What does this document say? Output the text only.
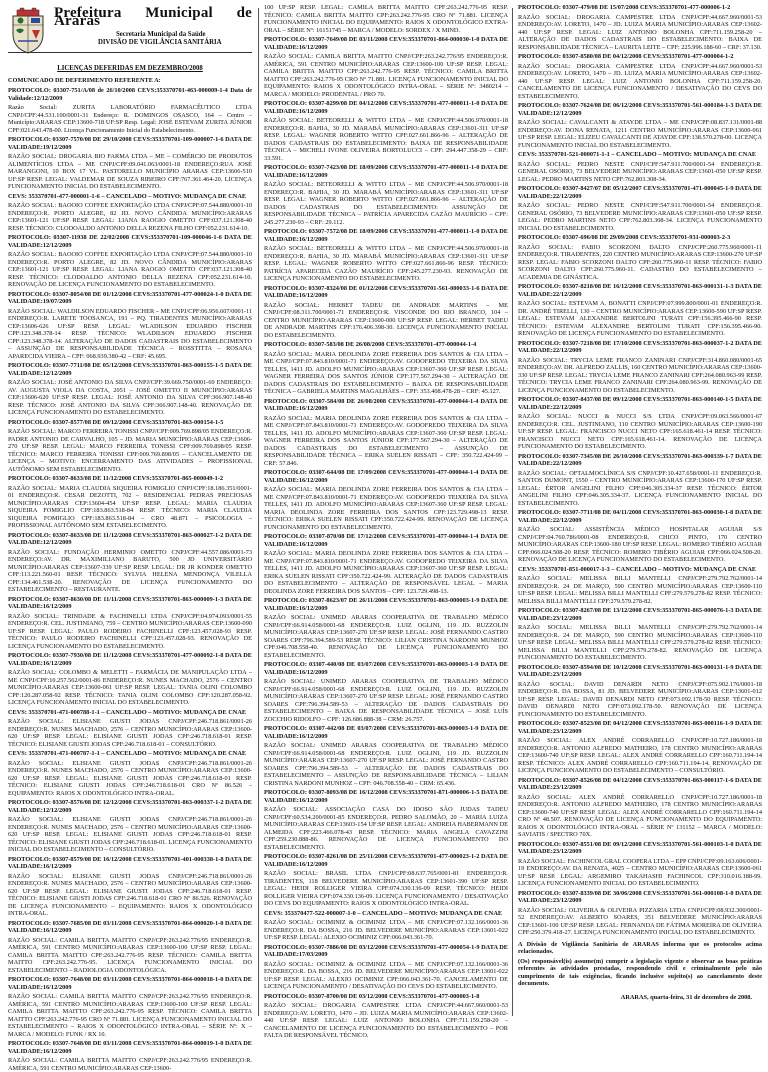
Prefeitura Municipal de Araras
Secretaria Municipal da Saúde
DIVISÃO DE VIGILÂNCIA SANITÁRIA
LICENÇAS DEFERIDAS EM DEZEMBRO/2008
COMUNICADO DE DEFERIMENTO REFERENTE A:

PROTOCOLO: 03307-751/A/08 de 26/10/2008 CEVS:353370701-463-000009-1-4 Data de Validade:12/12/2009

Razão Social: ZURITA LABORATÓRIO FARMACÊUTICO LTDA CNPJ/CPF:44.531.100/0001-31 Endereço: R. DOMINGOS OSASCO, 164 – Centro – Município:ARARAS CEP:13600-718 UF:SP Resp. Legal: JOSÉ ESTEVAM ZURITA JÚNIOR CPF:021.643.478-00. Licença Funcionamento Inicial do Estabelecimento.

PROTOCOLO: 03307-7570/08 DE 29/10/2008 CEVS:353370701-109-000007-1-6 DATA DE VALIDADE:19/12/2009

RAZÃO SOCIAL: DROGARIA BIO FARMA LTDA – ME – COMÉRCIO DE PRODUTOS ALIMENTÍCIOS LTDA – ME CNPJ/CPF:09.041.063/0001-18 ENDEREÇO:RUA JOSÉ MARANGONI, 10 BOX 17 VL. PASTORELLO MUNICÍPIO ARARAS CEP:13606-510 UF:SP RESP. LEGAL: VALDEMAR DE SOUZA RIBEIRO CPF:767.361.464-20. LICENÇA FUNCIONAMENTO INICIAL DO ESTABELECIMENTO.

CEVS: 353370701-477-000001-1-6 – CANCELADO – MOTIVO: MUDANÇA DE CNAE

RAZÃO SOCIAL: BAOOIO COFFEE EXPORTAÇÃO LTDA CNPJ/CPF:07.544.880/0001-10 ENDEREÇO:R. PORTO ALEGRE, 82 JD. NOVO CÂNDIDA MUNICÍPIO:ARARAS CEP:13601-121 UF:SP RESP. LEGAL: LIANA RAOGIO OMETTO CPF:037.121.308-40 RESP. TÉCNICO: CLODOALDO ANTONIO DELLA REZENA FILHO CPF:052.231.614-10.

PROTOCOLO: 03307-11938 DE 22/02/2008 CEVS:353370701-109-000046-1-6 DATA DE VALIDADE:12/12/2009

RAZÃO SOCIAL: BAOOIO COFFEE EXPORTAÇÃO LTDA CNPJ/CPF:07.544.880/0001-10 ENDEREÇO:R. PORTO ALEGRE, 82 JD. NOVO CÂNDIDA MUNICÍPIO:ARARAS CEP:13601-121 UF:SP RESP. LEGAL: LIANA RAOGIO OMETTO CPF:037.121.308-40 RESP. TÉCNICO: CLODOALDO ANTONIO DELLA REZENA CPF:052.231.614-10. RENOVAÇÃO DE LICENÇA FUNCIONAMENTO DO ESTABELECIMENTO.

PROTOCOLO: 03307-8054/08 DE 01/12/2008 CEVS:353370701-477-000024-1-0 DATA DE VALIDADE:19/07/2009

RAZÃO SOCIAL: WALDILSON EDUARDO FISCHER – ME CNPJ/CPF:06.956.607/0001-11 ENDEREÇO:R. LARETE TOOSANCA, 191 – PQ. TIRADENTES MUNICÍPIO:ARARAS CEP:13606-626 UF:SP RESP. LEGAL: WLADILSON EDUARDO FISCHER CPF:123.348.378-14 RESP. TÉCNICO: WLADILSON EDUARDO FISCHER CPF:123.348.378-14. ALTERAÇÃO DE DADOS CADASTRAIS DO ESTABELECIMENTO – ASSUNÇÃO DE RESPONSABILIDADE TÉCNICA – ROSSTITTA – ROSANA APARECIDA VIEIRA – CPF: 068.939.380-42 – CRF: 45.695.

PROTOCOLO: 03307-7711/08 DE 05/12/2008 CEVS:353370701-863-000155-1-5 DATA DE VALIDADE:12/12/2009

RAZÃO SOCIAL: JOSÉ ANTONIO DA SILVA CNPJ/CPF:39.669.750/0001-69 ENDEREÇO: AV. AUGUSTA VIOLA DA COSTA, 2051 – JOSÉ OMETTO II MUNICÍPIO:ARARAS CEP:13606-620 UF:SP RESP. LEGAL: JOSÉ ANTONIO DA SILVA CPF:366.907.148-40 RESP. TÉCNICO: JOSÉ ANTONIO DA SILVA CPF:366.907.148-40. RENOVAÇÃO DE LICENÇA FUNCIONAMENTO DO ESTABELECIMENTO.

PROTOCOLO: 03307-8577/08 DE 09/12/2008 CEVS:353370701-863-000154-1-5

RAZÃO SOCIAL: MARCO FERREIRA TONISSI CNPJ/CPF:009.769.898/05 ENDEREÇO:R. PADRE ANTONIO DE CARVALHO, 105 – JD. MARIA MUNICÍPIO:ARARAS CEP:13606-270 UF:SP RESP. LEGAL: MARCO FERREIRA TONISSI CPF:009.769.898/05 RESP. TÉCNICO: MARCO FERREIRA TONISSI CPF:009.769.898/05 – CANCELAMENTO DE LICENÇA – MOTIVO: ENCERRAMENTO DAS ATIVIDADES – PROFISSIONAL AUTÔNOMO SEM ESTABELECIMENTO.

PROTOCOLO: 03307-8633/08 DE 11/12/2008 CEVS:353370701-865-000049-1-2

RAZÃO SOCIAL: MARIA CLAUDIA SIQUEIRA FOMIGLIO CNPJ/CPF:18.186.351/0001-01 ENDEREÇO:R. CESAR DEZOTTI, 702 – RESIDENCIAL PEDRAS PRECIOSAS MUNICÍPIO:ARARAS CEP:13604-454 UF:SP RESP. LEGAL: MARIA CLAUDIA SIQUEIRA FOMIGLIO CPF:183.863.518-84 RESP. TÉCNICO: MARIA CLAUDIA SIQUEIRA FOMIGLIO CPF:183.863.518-84 – CRO 48.871 – PSICOLOGIA – PROFISSIONAL AUTÔNOMO SEM ESTABELECIMENTO.

PROTOCOLO: 03307-8633/08 DE 11/12/2008 CEVS:353370701-863-000027-1-2 DATA DE VALIDADE:12/12/2009

RAZÃO SOCIAL: FUNDAÇÃO HERMINIO OMETTO CNPJ/CPF:44.557.086/0001-73 ENDEREÇO:AV. DR. MAXIMILIANO BARUTO, 500 JD UNIVERSITÁRIO MUNICÍPIO:ARARAS CEP:13607-339 UF:SP RESP. LEGAL: DR JR KONDER OMETTO CPF:113.221.560-01 RESP. TÉCNICO: SYLVIA HELENA MENDONÇA VILELLA CPF:134.461.538-20. RENOVAÇÃO DE LICENÇA FUNCIONAMENTO DO ESTABELECIMENTO – RESTAURANTE.

PROTOCOLO: 03307-8630/08 DE 11/11/2008 CEVS:353370701-863-000009-1-3 DATA DE VALIDADE:16/12/2009

RAZÃO SOCIAL: TRINDADE & FACHINELLI LTDA CNPJ/CPF:04.974.093/0001-55 ENDEREÇO:R. CEL. JUSTINIANO, 759 – CENTRO MUNICÍPIO:ARARAS CEP:13600-090 UF:SP RESP. LEGAL: PAULO RODEIRO FACHINELLI CPF:123.457.028-93 RESP. TÉCNICO: PAULO RODEIRO FACHINELLI CPF:123.457.028-93. RENOVAÇÃO DE LICENÇA FUNCIONAMENTO DO ESTABELECIMENTO.

PROTOCOLO: 03307-7930/08 DE 11/12/2008 CEVS:353370701-477-000092-1-8 DATA DE VALIDADE:16/12/2009

RAZÃO SOCIAL: COLOMBO & MELETTI – FARMÁCIA DE MANIPULAÇÃO LTDA – ME CNPJ/CPF:10.257.562/0001-86 ENDEREÇO:R. NUNES MACHADO, 2576 – CENTRO MUNICÍPIO:ARARAS CEP:13600-061 UF:SP RESP. LEGAL: TANIA OLINI COLOMBO CPF:120.287.058-92 RESP. TÉCNICO: TANIA OLINI COLOMBO CPF:120.287.058-92. LICENÇA FUNCIONAMENTO INICIAL DO ESTABELECIMENTO.

CEVS: 353370701-471-000788-1-1 – CANCELADO – MOTIVO: MUDANÇA DE CNAE

RAZÃO SOCIAL: ELISIANE GIUSTI JODAS CNPJ/CPF:246.718.861/0001-26 ENDEREÇO:R. NUNES MACHADO, 2576 – CENTRO MUNICÍPIO:ARARAS CEP:13600-620 UF:SP RESP. LEGAL: ELISIANE GIUSTI JODAS CPF:246.718.618-01 RESP. TÉCNICO: ELISIANE GIUSTI JODAS CPF:246.718.618-01 – CONSULTÓRIO.

CEVS: 353370701-471-000787-1-1 – CANCELADO – MOTIVO: MUDANÇA DE CNAE

RAZÃO SOCIAL: ELISIANE GIUSTI JODAS CNPJ/CPF:246.718.861/0001-26 ENDEREÇO:R. NUNES MACHADO, 2576 – CENTRO MUNICÍPIO:ARARAS CEP:13600-620 UF:SP RESP. LEGAL: ELISIANE GIUSTI JODAS CPF:246.718.618-01 RESP. TÉCNICO: ELISIANE GIUSTI JODAS CPF:246.718.618-01 CRO Nº 86.526 – EQUIPAMENTO: RAIOS X ODONTOLÓGICO INTRA-ORAL.

PROTOCOLO: 03307-8576/08 DE 12/12/2008 CEVS:353370701-863-000337-1-2 DATA DE VALIDADE:12/12/2009

RAZÃO SOCIAL: ELISIANE GIUSTI JODAS CNPJ/CPF:246.718.861/0001-26 ENDEREÇO:R. NUNES MACHADO, 2576 – CENTRO MUNICÍPIO:ARARAS CEP:13600-620 UF:SP RESP. LEGAL: ELISIANE GIUSTI JODAS CPF:246.718.618-01 RESP. TÉCNICO: ELISIANE GIUSTI JODAS CPF:246.718.618-01. LICENÇA FUNCIONAMENTO INICIAL DO ESTABELECIMENTO – CONSULTÓRIO.

PROTOCOLO: 03307-8579/08 DE 16/12/2008 CEVS:353370701-401-000338-1-8 DATA DE VALIDADE:16/12/2009

RAZÃO SOCIAL: ELISIANE GIUSTI JODAS CNPJ/CPF:246.718.861/0001-26 ENDEREÇO:R. NUNES MACHADO, 2576 – CENTRO MUNICÍPIO:ARARAS CEP:13600-620 UF:SP RESP. LEGAL: ELISIANE GIUSTI JODAS CPF:246.718.618-01 RESP. TÉCNICO: ELISIANE GIUSTI JODAS CPF:246.718.618-01 CRO Nº 86.526. RENOVAÇÃO DE LICENÇA FUNCIONAMENTO – EQUIPAMENTO: RAIOS X ODONTOLÓGICO INTRA-ORAL.

PROTOCOLO: 03307-7685/08 DE 03/11/2008 CEVS:353370701-864-000020-1-0 DATA DE VALIDADE:16/12/2009

RAZÃO SOCIAL: CAMILA BRITTA MAITTO CNPJ/CPF:263.242.776/95 ENDEREÇO:R. AMÉRICA, 591 CENTRO MUNICÍPIO:ARARAS CEP:13600-100 UF:SP RESP. LEGAL: CAMILA BRITTA MAITTO CPF:263.242.776-95 RESP. TÉCNICO: CAMILA BRITTA MAITTO CPF:263.242.776-95. LICENÇA FUNCIONAMENTO INICIAL DO ESTABELECIMENTO – RADIOLOGIA ODONTOLÓGICA.

PROTOCOLO: 03307-7648/08 DE 03/11/2008 CEVS:353370701-864-000018-1-0 DATA DE VALIDADE:16/12/2009

RAZÃO SOCIAL: CAMILA BRITTA MAITTO CNPJ/CPF:263.242.776/95 ENDEREÇO:R. AMÉRICA, 591 CENTRO MUNICÍPIO:ARARAS CEP:13600-100 UF:SP RESP. LEGAL: CAMILA BRITTA MAITTO CPF:263.242.776-95 RESP. TÉCNICO: CAMILA BRITTA MAITTO CPF:263.242.776-95 CRO Nº 71.881. LICENÇA FUNCIONAMENTO INICIAL DO ESTABELECIMENTO – RAIOS X ODONTOLÓGICO INTRA-ORAL – SÉRIE Nº: X – MARCA / MODELO: FUNK / RX 10.

PROTOCOLO: 03307-7648/08 DE 03/11/2008 CEVS:353370701-864-000019-1-0 DATA DE VALIDADE:16/12/2009

RAZÃO SOCIAL: CAMILA BRITTA MAITTO CNPJ/CPF:263.242.776/95 ENDEREÇO:R. AMÉRICA, 591 CENTRO MUNICÍPIO:ARARAS CEP:13600-

100 UF:SP RESP. LEGAL: CAMILA BRITTA MAITTO CPF:263.242.776-95 RESP. TÉCNICO: CAMILA BRITTA MAITTO CPF:263.242.776-95 CRO Nº 71.881. LICENÇA FUNCIONAMENTO INICIAL DO EQUIPAMENTO: RAIOS X ODONTOLÓGICO EXTRA-ORAL – SÉRIE Nº: 16151745 – MARCA / MODELO: SORDEX / X MIND.

PROTOCOLO: 03307-7649/08 DE 03/11/2008 CEVS:353370701-864-000030-1-0 DATA DE VALIDADE:16/12/2009

RAZÃO SOCIAL: CAMILA BRITTA MAITTO CNPJ/CPF:263.242.776/95 ENDEREÇO:R. AMÉRICA, 591 CENTRO MUNICÍPIO:ARARAS CEP:13600-100 UF:SP RESP. LEGAL: CAMILA BRITTA MAITTO CPF:263.242.776-95 RESP. TÉCNICO: CAMILA BRITTA MAITTO CPF:263.242.776-95 CRO Nº 71.881. LICENÇA FUNCIONAMENTO INICIAL DO EQUIPAMENTO: RAIOS X ODONTOLÓGICO INTRA-ORAL – SÉRIE Nº: 3480214 – MARCA / MODELO: PRODENTAL / PRO 70.

PROTOCOLO: 03307-8299/08 DE 04/12/2008 CEVS:353370701-477-000011-1-0 DATA DE VALIDADE:16/12/2009

RAZÃO SOCIAL: BETEORELLI & WITTO LTDA – ME CNPJ/CPF:44.506.970/0001-18 ENDEREÇO:R. BAHIA, 30 JD. MARABÁ MUNICÍPIO:ARARAS CEP:13601-311 UF:SP RESP. LEGAL: WAGNER ROBERTO WITTO CPF:027.661.866-96 – ALTERAÇÃO DE DADOS CADASTRAIS DO ESTABELECIMENTO: BAIXA DE RESPONSABILIDADE TÉCNICA – MICHELI IVONE OLIVEIRA BORTOLUCCI – CPF: 294.447.358-29 – CRF: 33.591.

PROTOCOLO: 03307-7423/08 DE 18/09/2008 CEVS:353370701-477-000011-1-0 DATA DE VALIDADE:16/12/2009

RAZÃO SOCIAL: BETEORELLI & WITTO LTDA – ME CNPJ/CPF:44.506.970/0001-18 ENDEREÇO:R. BAHIA, 30 JD. MARABÁ MUNICÍPIO:ARARAS CEP:13601-311 UF:SP RESP. LEGAL: WAGNER ROBERTO WITTO CPF:027.661.866-96 – ALTERAÇÃO DE DADOS CADASTRAIS DO ESTABELECIMENTO: ASSUNÇÃO DE RESPONSABILIDADE TÉCNICA – PATRÍCIA APARECIDA CAZÃO MAURÍCIO – CPF: 245.277.230-93 – CRF: 29.112.

PROTOCOLO: 03307-7572/08 DE 18/09/2008 CEVS:353370701-477-000011-1-0 DATA DE VALIDADE:16/12/2009

RAZÃO SOCIAL: BETEORELLI & WITTO LTDA – ME CNPJ/CPF:44.506.970/0001-18 ENDEREÇO:R. BAHIA, 30 JD. MARABÁ MUNICÍPIO:ARARAS CEP:13601-311 UF:SP RESP. LEGAL: WAGNER ROBERTO WITTO CPF:027.661.866-96 RESP. TÉCNICO: PATRÍCIA APARECIDA CAZÃO MAURÍCIO CPF:245.277.230-93. RENOVAÇÃO DE LICENÇA FUNCIONAMENTO DO ESTABELECIMENTO.

PROTOCOLO: 03307-8324/08 DE 01/12/2008 CEVS:353370701-561-000033-1-6 DATA DE VALIDADE:16/12/2009

RAZÃO SOCIAL: HERBET TADEU DE ANDRADE MARTINS – ME CNPJ/CPF:08.311.700/0001-71 ENDEREÇO:R. VISCONDE DO RIO BRANCO, 104 – CENTRO MUNICÍPIO:ARARAS CEP:13600-000 UF:SP RESP. LEGAL: HERBET TADEU DE ANDRADE MARTINS CPF:176.406.398-30. LICENÇA FUNCIONAMENTO INICIAL DO ESTABELECIMENTO.

PROTOCOLO: 03307-583/08 DE 26/08/2008 CEVS:353370701-477-000044-1-4

RAZÃO SOCIAL: MARIA DEOLINDA ZORE FERREIRA DOS SANTOS & CIA LTDA – ME CNPJ/CPF:07.843.810/0001-71 ENDEREÇO:AV. GODOFREDO TEIXEIRA DA SILVA TELLES, 1411 JD. ADOLFO MUNICÍPIO:ARARAS CEP:13607-360 UF:SP RESP. LEGAL: WAGNER FERREIRA DOS SANTOS JÚNIOR CPF:177.567.294-30 – ALTERAÇÃO DE DADOS CADASTRAIS DO ESTABELECIMENTO – BAIXA DE RESPONSABILIDADE TÉCNICA – GABRIELA MARTINS MAGALHÃES – CPF: 353.408.478-28 – CRF: 45.127.

PROTOCOLO: 03307-584/08 DE 26/08/2008 CEVS:353370701-477-000044-1-4 DATA DE VALIDADE:16/12/2009

RAZÃO SOCIAL: MARIA DEOLINDA ZORE FERREIRA DOS SANTOS & CIA LTDA – ME CNPJ/CPF:07.843.810/0001-71 ENDEREÇO:AV. GODOFREDO TEIXEIRA DA SILVA TELLES, 1411 JD. ADOLFO MUNICÍPIO:ARARAS CEP:13607-360 UF:SP RESP. LEGAL: WAGNER FERREIRA DOS SANTOS JÚNIOR CPF:177.567.294-30 – ALTERAÇÃO DE DADOS CADASTRAIS DO ESTABELECIMENTO – ASSUNÇÃO DE RESPONSABILIDADE TÉCNICA – ERIKA SUELEN RISSATI – CPF: 350.722.424-99 – CRF: 57.846.

PROTOCOLO: 03307-644/08 DE 17/09/2008 CEVS:353370701-477-000044-1-4 DATA DE VALIDADE:16/12/2009

RAZÃO SOCIAL: MARIA DEOLINDA ZORE FERREIRA DOS SANTOS & CIA LTDA – ME CNPJ/CPF:07.843.810/0001-71 ENDEREÇO:AV. GODOFREDO TEIXEIRA DA SILVA TELLES, 1411 JD. ADOLFO MUNICÍPIO:ARARAS CEP:13607-360 UF:SP RESP. LEGAL: MARIA DEOLINDA ZORE FERREIRA DOS SANTOS CPF:123.729.498-13 RESP. TÉCNICO: ERIKA SUELEN RISSATI CPF:350.722.424-99. RENOVAÇÃO DE LICENÇA FUNCIONAMENTO DO ESTABELECIMENTO.

PROTOCOLO: 03307-870/08 DE 17/12/2008 CEVS:353370701-477-000044-1-4 DATA DE VALIDADE:16/12/2009

RAZÃO SOCIAL: MARIA DEOLINDA ZORE FERREIRA DOS SANTOS & CIA LTDA – ME CNPJ/CPF:07.843.810/0001-71 ENDEREÇO:AV. GODOFREDO TEIXEIRA DA SILVA TELLES, 1411 JD. ADOLFO MUNICÍPIO:ARARAS CEP:13607-360 UF:SP RESP. LEGAL: ERIKA SUELEN RISSATI CPF:350.722.424-99. ALTERAÇÃO DE DADOS CADASTRAIS DO ESTABELECIMENTO – ALTERAÇÃO DE RESPONSÁVEL LEGAL – MARIA DEOLINDA ZORE FERREIRA DOS SANTOS – CPF: 123.729.498-13.

PROTOCOLO: 03307-8623/07 DE 26/11/2008 CEVS:353370701-863-000003-1-9 DATA DE VALIDADE:16/12/2009

RAZÃO SOCIAL: UNIMED ARARAS COOPERATIVA DE TRABALHO MÉDICO CNPJ/CPF:66.914.058/0001-68 ENDEREÇO:R. LUIZ OGLINI, 119 JD. RUZZOLIN MUNICÍPIO:ARARAS CEP:13607-270 UF:SP RESP. LEGAL: JOSÉ FERNANDO CASTRO SOARES CPF:796.394.589-53 RESP. TÉCNICO: LILIAN CRISTINA NARDONI MUNHOZ CPF:046.708.558-40. RENOVAÇÃO DE LICENÇA FUNCIONAMENTO DO ESTABELECIMENTO.

PROTOCOLO: 03307-440/08 DE 03/07/2008 CEVS:353370701-863-000003-1-9 DATA DE VALIDADE:16/12/2009

RAZÃO SOCIAL: UNIMED ARARAS COOPERATIVA DE TRABALHO MÉDICO CNPJ/CPF:66.914.058/0001-68 ENDEREÇO:R. LUIZ OGLINI, 119 JD. RUZZOLIN MUNICÍPIO:ARARAS CEP:13607-270 UF:SP RESP. LEGAL: JOSÉ FERNANDO CASTRO SOARES CPF:796.394.589-53 – ALTERAÇÃO DE DADOS CADASTRAIS DO ESTABELECIMENTO – BAIXA DE RESPONSABILIDADE TÉCNICA – JOSÉ LUÍS ZOCCHIO RIDOLFO – CPF: 126.686.888-38 – CRM: 26.757.

PROTOCOLO: 03307-442/08 DE 03/07/2008 CEVS:353370701-863-000003-1-9 DATA DE VALIDADE:16/12/2009

RAZÃO SOCIAL: UNIMED ARARAS COOPERATIVA DE TRABALHO MÉDICO CNPJ/CPF:66.914.058/0001-68 ENDEREÇO:R. LUIZ OGLINI, 119 JD. RUZZOLIN MUNICÍPIO:ARARAS CEP:13607-270 UF:SP RESP. LEGAL: JOSÉ FERNANDO CASTRO SOARES CPF:796.394.589-53 – ALTERAÇÃO DE DADOS CADASTRAIS DO ESTABELECIMENTO – ASSUNÇÃO DE RESPONSABILIDADE TÉCNICA – LILIAN CRISTINA NARDONI MUNHOZ – CPF: 046.708.558-40 – CRM: 65.436.

PROTOCOLO: 03307-8093/08 DE 16/12/2008 CEVS:353370701-871-000006-1-5 DATA DE VALIDADE:16/12/2009

RAZÃO SOCIAL: ASSOCIAÇÃO CASA DO IDOSO SÃO JUDAS TADEU CNPJ/CPF:60.534.200/0001-85 ENDEREÇO:R. PEDRO SALOMÃO, 20 – MARIA LUIZA MUNICÍPIO:ARARAS CEP:13603-154 UF:SP RESP. LEGAL: ANDREIA HABERMANN DE ALMEIDA CPF:223.466.078-43 RESP. TÉCNICO: MARIA ANGELA CAVAZZINI CPF:259.230.888-86. RENOVAÇÃO DE LICENÇA FUNCIONAMENTO DO ESTABELECIMENTO.

PROTOCOLO: 03307-8261/08 DE 25/11/2008 CEVS:353370701-477-000023-1-2 DATA DE VALIDADE:16/12/2009

RAZÃO SOCIAL: BRASIL LTDA CNPJ/CPF:08.637.765/0001-81 ENDEREÇO:R. TIRADENTES, 118 BELVEDERE MUNICÍPIO:ARARAS CEP:13601-390 UF:SP RESP. LEGAL: HEIDI ROLLIGER VIEIRA CPF:074.330.136-09 RESP. TÉCNICO: HEIDI ROLLIGER VIEIRA CPF:074.330.136-09. LICENÇA FUNCIONAMENTO / DESATIVAÇÃO DO CEVS DO EQUIPAMENTO: RAIOS X ODONTOLÓGICO INTRA-ORAL.

CEVS: 353370477-522-000007-1-0 – CANCELADO – MOTIVO: MUDANÇA DE CNAE

RAZÃO SOCIAL: OCIMINIZ & OCIMINIZ LTDA – ME CNPJ/CPF:07.132.166/0001-36 ENDEREÇO:R. DA BOSSA, 216 JD. BELVEDERE MUNICÍPIO:ARARAS CEP:13601-022 UF:SP RESP. LEGAL: ALEXIO OCIMINIZ CPF:066.043.361-70.

PROTOCOLO: 03307-7886/08 DE 03/12/2008 CEVS:353370701-477-000054-1-9 DATA DE VALIDADE:17/03/2009

RAZÃO SOCIAL: OCIMINIZ & OCIMINIZ LTDA – ME CNPJ/CPF:07.132.166/0001-36 ENDEREÇO:R. DA BOSSA, 216 JD. BELVEDERE MUNICÍPIO:ARARAS CEP:13601-022 UF:SP RESP. LEGAL: ALEXIO OCIMINIZ CPF:066.043.361-70. CANCELAMENTO DE LICENÇA FUNCIONAMENTO / DESATIVAÇÃO DO CEVS DO ESTABELECIMENTO.

PROTOCOLO: 03307-8700/08 DE 03/12/2008 CEVS:353370701-477-000003-1-8

RAZÃO SOCIAL: DROGARIA CAMPESTRE LTDA CNPJ/CPF:44.667.960/0001-53 ENDEREÇO:AV. LORETO, 1470 – JD. LUIZA MARIA MUNICÍPIO:ARARAS CEP:13602-440 UF:SP RESP. LEGAL: LUIZ ANTONIO BOLONHA CPF:711.159.258-20 – CANCELAMENTO DE LICENÇA FUNCIONAMENTO DO ESTABELECIMENTO – POR FALTA DE RESPONSÁVEL TÉCNICO.

PROTOCOLO: 03307-479/08 DE 15/07/2008 CEVS:353370701-477-000006-1-2

RAZÃO SOCIAL: DROGARIA CAMPESTRE LTDA CNPJ/CPF:44.667.960/0001-53 ENDEREÇO:AV. LORETO, 1470 – JD. LUIZA MARIA MUNICÍPIO:ARARAS CEP:13602-440 UF:SP RESP. LEGAL: LUIZ ANTONIO BOLONHA CPF:711.159.258-20 – ALTERAÇÃO DE DADOS CADASTRAIS DO ESTABELECIMENTO: BAIXA DE RESPONSABILIDADE TÉCNICA – LAURITA LEITE – CPF: 225.996.188-60 – CRF: 37.130.

PROTOCOLO: 03307-8580/08 DE 04/12/2008 CEVS:353370701-477-000004-1-2

RAZÃO SOCIAL: DROGARIA CAMPESTRE LTDA CNPJ/CPF:44.667.960/0001-53 ENDEREÇO:AV. LORETO, 1470 – JD. LUIZA MARIA MUNICÍPIO:ARARAS CEP:13602-440 UF:SP RESP. LEGAL: LUIZ ANTONIO BOLONHA CPF:711.159.258-20. CANCELAMENTO DE LICENÇA FUNCIONAMENTO / DESATIVAÇÃO DO CEVS DO ESTABELECIMENTO.

PROTOCOLO: 03307-7624/08 DE 06/12/2008 CEVS:353370701-561-000184-1-3 DATA DE VALIDADE:12/12/2009

RAZÃO SOCIAL: CAVALCANTI & ATAYDE LTDA – ME CNPJ/CPF:08.837.131/0001-88 ENDEREÇO:AV. DONA RENATA, 1211 CENTRO MUNICÍPIO:ARARAS CEP:13600-061 UF:SP RESP. LEGAL: ELIZEU CAVALCANTI DE ATAYDE CPF:138.570.278-00. LICENÇA FUNCIONAMENTO INICIAL DO ESTABELECIMENTO.

CEVS: 353370701-521-000071-1-1 – CANCELADO – MOTIVO: MUDANÇA DE CNAE

RAZÃO SOCIAL: PEDRO NESTE CNPJ/CPF:547.911.700/0001-54 ENDEREÇO:R. GENERAL OSÓRIO, 73 BELVEDERE MUNICÍPIO:ARARAS CEP:13601-050 UF:SP RESP. LEGAL: PEDRO MARTINS NETO CPF:762.803.308-34.

PROTOCOLO: 03307-8427/07 DE 05/12/2007 CEVS:353370701-471-000045-1-9 DATA DE VALIDADE:22/12/2009

RAZÃO SOCIAL: PEDRO NESTE CNPJ/CPF:547.911.700/0001-54 ENDEREÇO:R. GENERAL OSÓRIO, 73 BELVEDERE MUNICÍPIO:ARARAS CEP:13601-050 UF:SP RESP. LEGAL: PEDRO MARTINS NETO CPF:762.803.308-34. LICENÇA FUNCIONAMENTO INICIAL DO ESTABELECIMENTO.

PROTOCOLO: 03307-696/08 DE 29/09/2008 CEVS:353370701-931-000003-2-3

RAZÃO SOCIAL: FABIO SCORZONI DALTO CNPJ/CPF:260.775.960/0001-11 ENDEREÇO:R. TIRADENTES, 220 CENTRO MUNICÍPIO:ARARAS CEP:13600-270 UF:SP RESP. LEGAL: FABIO SCORZONI DALTO CPF:260.775.960-11 RESP. TÉCNICO: FABIO SCORZONI DALTO CPF:260.775.960-11. CADASTRO DO ESTABELECIMENTO – ACADEMIA DE GINÁSTICA.

PROTOCOLO: 03307-8218/08 DE 16/12/2008 CEVS:353370701-863-000131-1-3 DATA DE VALIDADE:22/12/2009

RAZÃO SOCIAL: ESTEVAM A. BONATTI CNPJ/CPF:07.999.800/0001-01 ENDEREÇO:R. DR. ANDRÉ TIRELLI, 130 – CENTRO MUNICÍPIO:ARARAS CEP:13600-590 UF:SP RESP. LEGAL: ESTEVAM ALEXANDRE BERTOLINI TURATI CPF:156.395.466-90 RESP. TÉCNICO: ESTEVAM ALEXANDRE BERTOLINI TURATI CPF:156.395.466-90. RENOVAÇÃO DE LICENÇA FUNCIONAMENTO DO ESTABELECIMENTO.

PROTOCOLO: 03307-7218/08 DE 17/10/2008 CEVS:353370701-863-000037-1-2 DATA DE VALIDADE:22/12/2009

RAZÃO SOCIAL: TRYCIA LEME FRANCO ZANINARI CNPJ/CPF:314.860.080/0001-65 ENDEREÇO:AV. DR. ALFREDO ZALLIS, 160 CENTRO MUNICÍPIO:ARARAS CEP:13600-330 UF:SP RESP. LEGAL: TRYCIA LEME FRANCO ZANINARI CPF:264.080.963-99 RESP. TÉCNICO: TRYCIA LEME FRANCO ZANINARI CPF:264.080.963-99. RENOVAÇÃO DE LICENÇA FUNCIONAMENTO DO ESTABELECIMENTO.

PROTOCOLO: 03307-8437/08 DE 09/12/2008 CEVS:353370701-863-000140-1-5 DATA DE VALIDADE:22/12/2009

RAZÃO SOCIAL: NUCCI & NUCCI S/S LTDA CNPJ/CPF:09.063.566/0001-67 ENDEREÇO:R. CEL. JUSTINIANO, 110 CENTRO MUNICÍPIO:ARARAS CEP:13600-190 UF:SP RESP. LEGAL: FRANCISCO NUCCI NETO CPF:165.618.461-14 RESP. TÉCNICO: FRANCISCO NUCCI NETO CPF:165.618.461-14. RENOVAÇÃO DE LICENÇA FUNCIONAMENTO DO ESTABELECIMENTO.

PROTOCOLO: 03307-7345/08 DE 26/10/2008 CEVS:353370701-863-000339-1-7 DATA DE VALIDADE:22/12/2009

RAZÃO SOCIAL: OFTALMOCLÍNICA S/S CNPJ/CPF:10.427.658/0001-11 ENDEREÇO:R. SANTOS DUMONT, 1550 – CENTRO MUNICÍPIO:ARARAS CEP:13600-170 UF:SP RESP. LEGAL: ÉRTOR ANGELINI FILHO CPF:046.305.334-37 RESP. TÉCNICO: ÉRTOR ANGELINI FILHO CPF:046.305.334-37. LICENÇA FUNCIONAMENTO INICIAL DO ESTABELECIMENTO.

PROTOCOLO: 03307-7711/08 DE 04/11/2008 CEVS:353370701-863-000030-1-8 DATA DE VALIDADE:22/12/2009

RAZÃO SOCIAL: ASSISTÊNCIA MÉDICO HOSPITALAR AGUIAR S/S CNPJ/CPF:04.760.786/0001-08 ENDEREÇO:R. CHICO PINTO, 170 CENTRO MUNICÍPIO:ARARAS CEP:13600-180 UF:SP RESP. LEGAL: ROMERO TIBÉRIO AGUIAR CPF:066.024.508-20 RESP. TÉCNICO: ROMERO TIBÉRIO AGUIAR CPF:066.024.508-20. RENOVAÇÃO DE LICENÇA FUNCIONAMENTO DO ESTABELECIMENTO.

CEVS: 353370701-851-000017-1-3 – CANCELADO – MOTIVO: MUDANÇA DE CNAE

RAZÃO SOCIAL: MELISSA BILLI MANTELLI CNPJ/CPF:279.792.762/0001-14 ENDEREÇO:R. 24 DE MARÇO, 590 CENTRO MUNICÍPIO:ARARAS CEP:13600-110 UF:SP RESP. LEGAL: MELISSA BILLI MANTELLI CPF:279.579.278-82 RESP. TÉCNICO: MELISSA BILLI MANTELLI CPF:279.579.278-82.

PROTOCOLO: 03307-8267/08 DE 13/12/2008 CEVS:353370701-865-000076-1-3 DATA DE VALIDADE:23/12/2009

RAZÃO SOCIAL: MELISSA BILLI MANTELLI CNPJ/CPF:279.792.762/0001-14 ENDEREÇO:R. 24 DE MARÇO, 590 CENTRO MUNICÍPIO:ARARAS CEP:13600-110 UF:SP RESP. LEGAL: MELISSA BILLI MANTELLI CPF:279.579.278-82 RESP. TÉCNICO: MELISSA BILLI MANTELLI CPF:279.579.278-82. RENOVAÇÃO DE LICENÇA FUNCIONAMENTO DO ESTABELECIMENTO.

PROTOCOLO: 03307-8594/08 DE 10/12/2008 CEVS:353370701-863-000131-1-9 DATA DE VALIDADE:23/12/2009

RAZÃO SOCIAL: DAVID DENARDI NETO CNPJ/CPF:075.902.176/0001-18 ENDEREÇO:R. DA BOSSA, 81 JD. BELVEDERE MUNICÍPIO:ARARAS CEP:13601-012 UF:SP RESP. LEGAL: DAVID DENARDI NETO CPF:073.092.178-50 RESP. TÉCNICO: DAVID DENARDI NETO CPF:073.092.178-50. RENOVAÇÃO DE LICENÇA FUNCIONAMENTO DO ESTABELECIMENTO.

PROTOCOLO: 03307-8523/08 DE 04/12/2008 CEVS:353370701-863-000116-1-9 DATA DE VALIDADE:23/12/2009

RAZÃO SOCIAL: ALEX ANDRÉ CORRARELLO CNPJ/CPF:10.727.186/0001-18 ENDEREÇO:R. ANTONIO ALFREDO MATHEIRO, 178 CENTRO MUNICÍPIO:ARARAS CEP:13600-740 UF:SP RESP. LEGAL: ALEX ANDRÉ CORRARELLO CPF:160.711.194-14 RESP. TÉCNICO: ALEX ANDRÉ CORRARELLO CPF:160.711.194-14. RENOVAÇÃO DE LICENÇA FUNCIONAMENTO DO ESTABELECIMENTO – CONSULTÓRIO.

PROTOCOLO: 03307-8526/08 DE 04/12/2008 CEVS:353370701-863-000117-1-6 DATA DE VALIDADE:23/12/2009

RAZÃO SOCIAL: ALEX ANDRÉ CORRARELLO CNPJ/CPF:10.727.186/0001-18 ENDEREÇO:R. ANTONIO ALFREDO MATHEIRO, 178 CENTRO MUNICÍPIO:ARARAS CEP:13600-740 UF:SP RESP. LEGAL: ALEX ANDRÉ CORRARELLO CPF:160.711.194-14 CRO Nº 48.507. RENOVAÇÃO DE LICENÇA FUNCIONAMENTO DO EQUIPAMENTO: RAIOS X ODONTOLÓGICO INTRA-ORAL – SÉRIE Nº 131152 – MARCA / MODELO: SAVIATIS / SPECTRO 70X.

PROTOCOLO: 03307-8551/08 DE 09/12/2008 CEVS:353370701-561-000103-1-0 DATA DE VALIDADE:23/12/2009

RAZÃO SOCIAL: FACHINCOL GRAL COOPERA LTDA – EPP CNPJ/CPF:09.163.606/0001-19 ENDEREÇO:AV. DA RENATA, 4025 – CENTRO MUNICÍPIO:ARARAS CEP:13600-061 UF:SP RESP. LEGAL: ARGEMIRO TAKAHASHI FACHINCOL CPF:310.016.188-99. LICENÇA FUNCIONAMENTO INICIAL DO ESTABELECIMENTO.

PROTOCOLO: 03307-8339/08 DE 30/06/2008 CEVS:353370701-561-000108-1-0 DATA DE VALIDADE:23/12/2009

RAZÃO SOCIAL: OLIVEIRA & OLIVEIRA PIZZARIA LTDA CNPJ/CPF:08.932.300/0001-52 ENDEREÇO:AV. ALBERTO SOARES, 351 BELVEDERE MUNICÍPIO:ARARAS CEP:13601-100 UF:SP RESP. LEGAL: FERNANDA DE FÁTIMA MOREIRA DE OLIVEIRA CPF:250.379.418-27. LICENÇA FUNCIONAMENTO INICIAL DO ESTABELECIMENTO.

A Divisão de Vigilância Sanitária de ARARAS informa que os protocolos acima relacionados.

(Os) responsável(is) assume(m) cumprir a legislação vigente e observar as boas práticas referentes às atividades prestadas, respondendo civil e criminalmente pelo não cumprimento de tais exigências, ficando inclusive sujeito(s) ao cancelamento deste documento.

ARARAS, quarta-feira, 31 de dezembro de 2008.
